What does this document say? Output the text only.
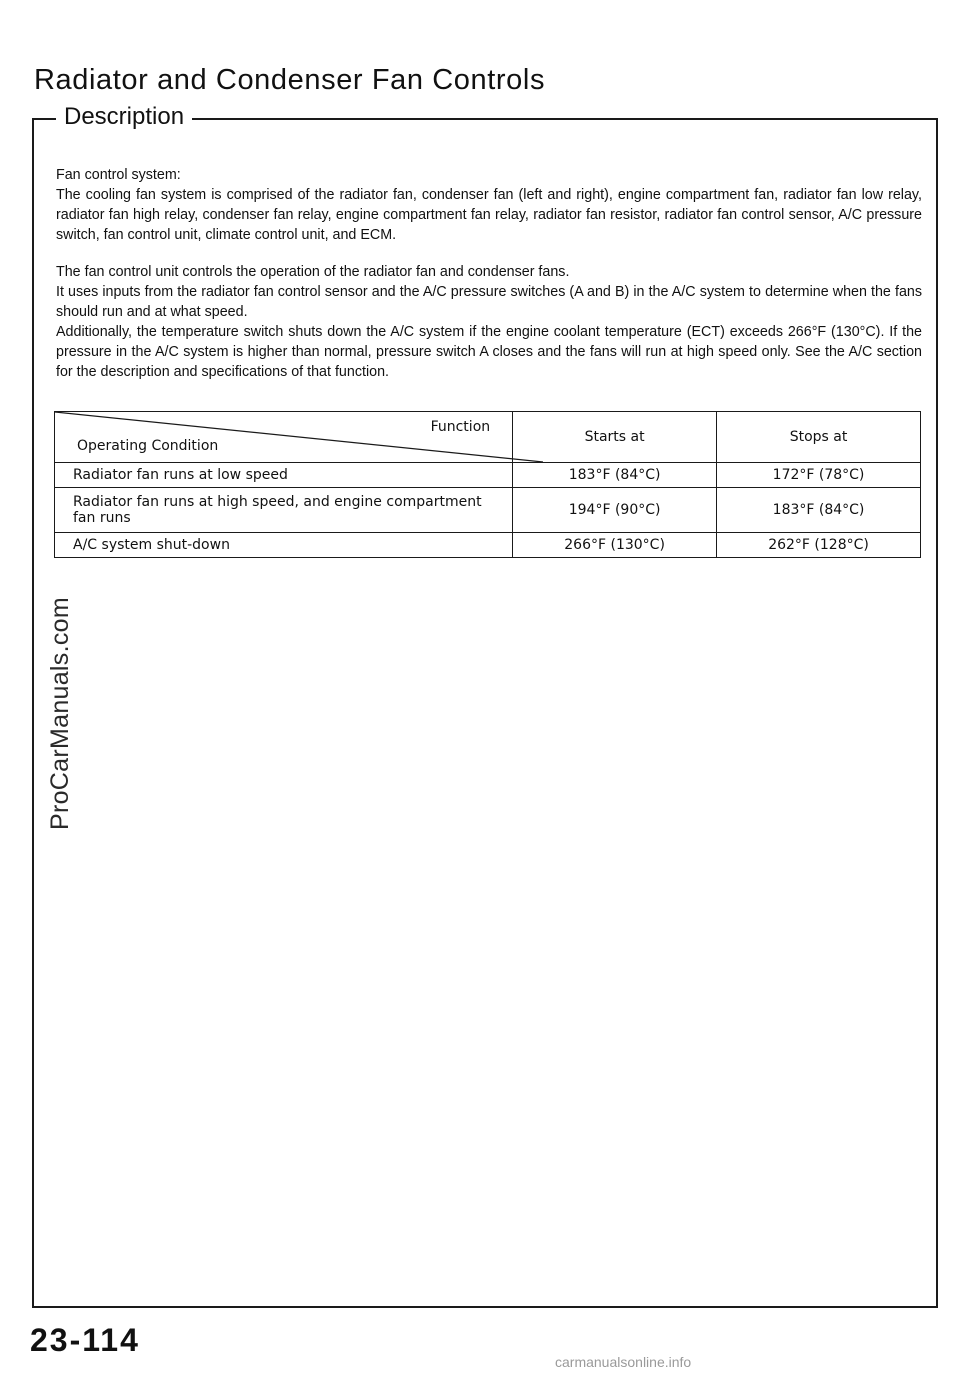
Radiator and Condenser Fan Controls
Description

Fan control system:

The cooling fan system is comprised of the radiator fan, condenser fan (left and right), engine compartment fan, radiator fan low relay, radiator fan high relay, condenser fan relay, engine compartment fan relay, radiator fan resistor, radiator fan control sensor, A/C pressure switch, fan control unit, climate control unit, and ECM.

The fan control unit controls the operation of the radiator fan and condenser fans.

It uses inputs from the radiator fan control sensor and the A/C pressure switches (A and B) in the A/C system to determine when the fans should run and at what speed.

Additionally, the temperature switch shuts down the A/C system if the engine coolant temperature (ECT) exceeds 266°F (130°C). If the pressure in the A/C system is higher than normal, pressure switch A closes and the fans will run at high speed only. See the A/C section for the description and specifications of that function.

Function
Operating Condition	Starts at	Stops at
Radiator fan runs at low speed	183°F (84°C)	172°F (78°C)

Radiator fan runs at high speed, and engine compartment
fan runs	194°F (90°C)	183°F (84°C)
A/C system shut-down	266°F (130°C)	262°F (128°C)
ProCarManuals.com
23-114
carmanualsonline.info
